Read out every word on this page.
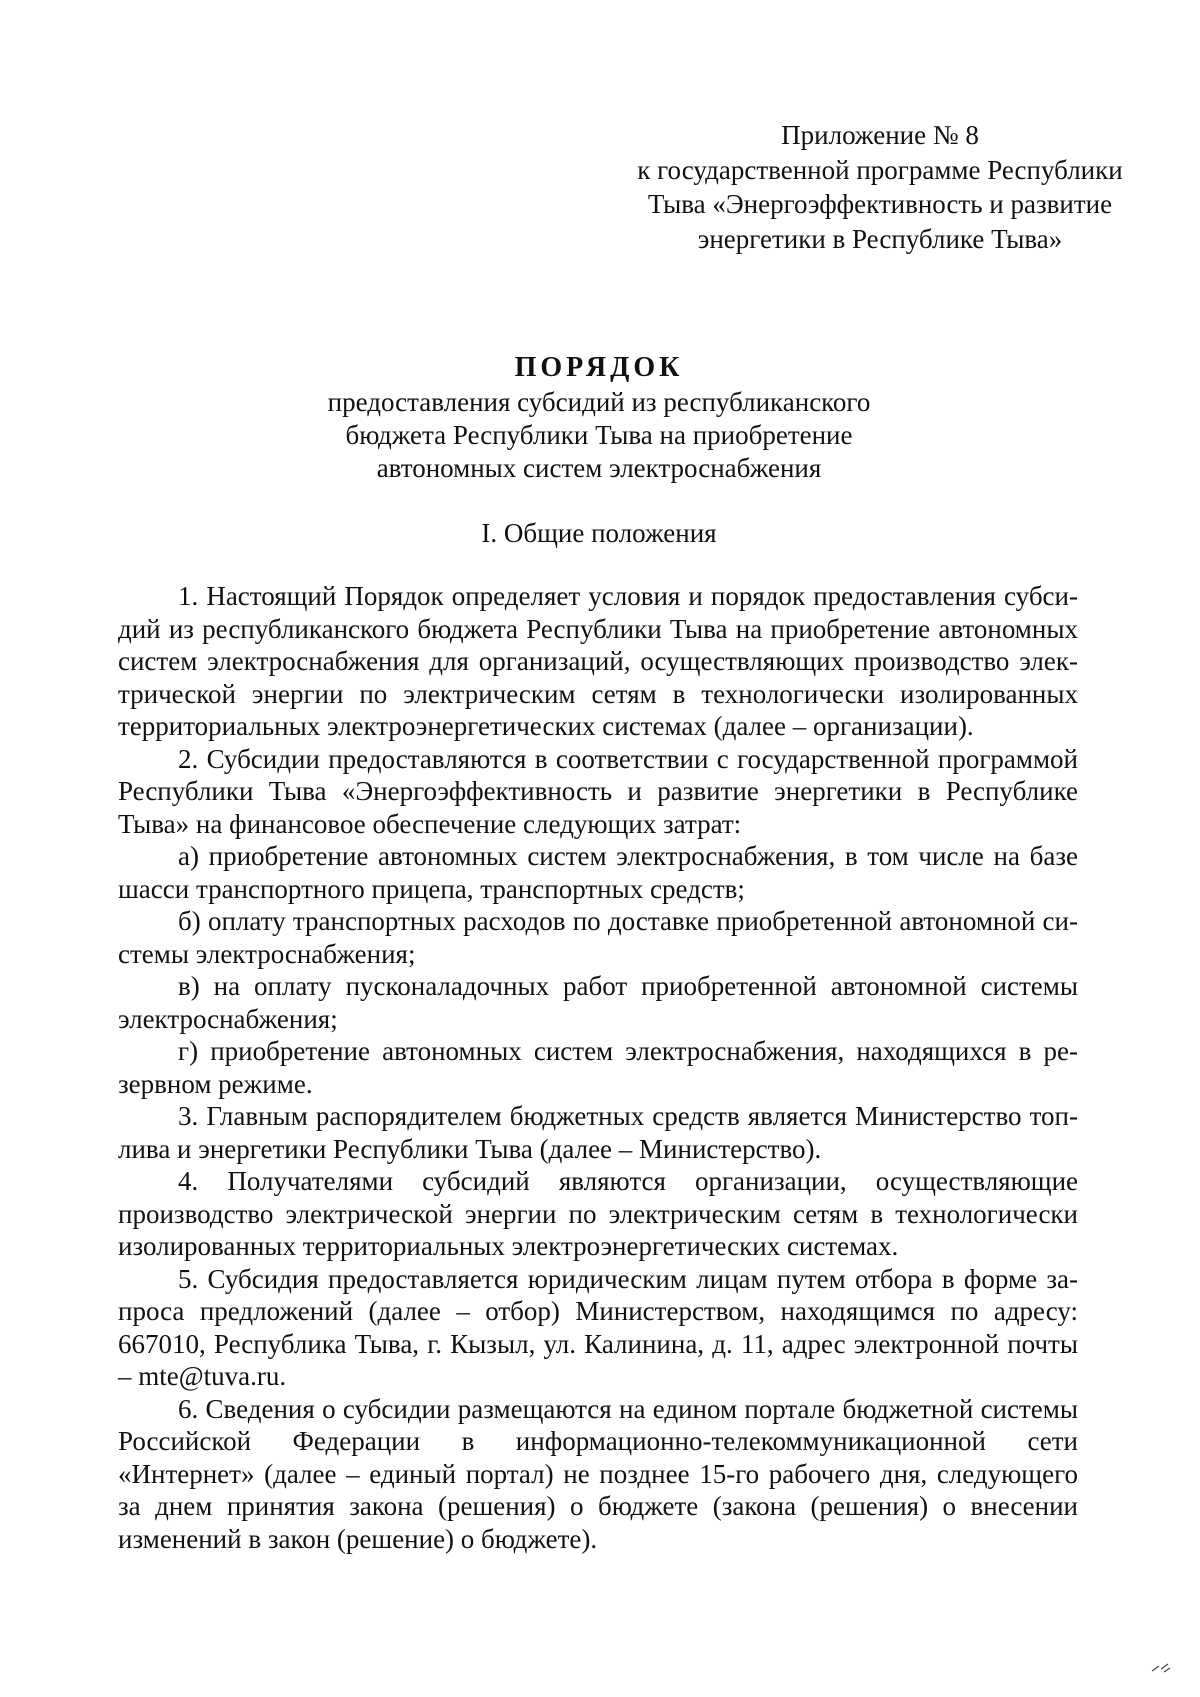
Приложение № 8
к государственной программе Республики
Тыва «Энергоэффективность и развитие
энергетики в Республике Тыва»
ПОРЯДОК
предоставления субсидий из республиканского
бюджета Республики Тыва на приобретение
автономных систем электроснабжения
I. Общие положения

1. Настоящий Порядок определяет условия и порядок предоставления субсидий из республиканского бюджета Республики Тыва на приобретение автономных систем электроснабжения для организаций, осуществляющих производство электрической энергии по электрическим сетям в технологически изолированных территориальных электроэнергетических системах (далее – организации).

2. Субсидии предоставляются в соответствии с государственной программой Республики Тыва «Энергоэффективность и развитие энергетики в Республике Тыва» на финансовое обеспечение следующих затрат:

а) приобретение автономных систем электроснабжения, в том числе на базе шасси транспортного прицепа, транспортных средств;

б) оплату транспортных расходов по доставке приобретенной автономной системы электроснабжения;

в) на оплату пусконаладочных работ приобретенной автономной системы электроснабжения;

г) приобретение автономных систем электроснабжения, находящихся в резервном режиме.

3. Главным распорядителем бюджетных средств является Министерство топлива и энергетики Республики Тыва (далее – Министерство).

4. Получателями субсидий являются организации, осуществляющие производство электрической энергии по электрическим сетям в технологически изолированных территориальных электроэнергетических системах.

5. Субсидия предоставляется юридическим лицам путем отбора в форме запроса предложений (далее – отбор) Министерством, находящимся по адресу: 667010, Республика Тыва, г. Кызыл, ул. Калинина, д. 11, адрес электронной почты – mte@tuva.ru.

6. Сведения о субсидии размещаются на едином портале бюджетной системы Российской Федерации в информационно-телекоммуникационной сети «Интернет» (далее – единый портал) не позднее 15-го рабочего дня, следующего за днем принятия закона (решения) о бюджете (закона (решения) о внесении изменений в закон (решение) о бюджете).
